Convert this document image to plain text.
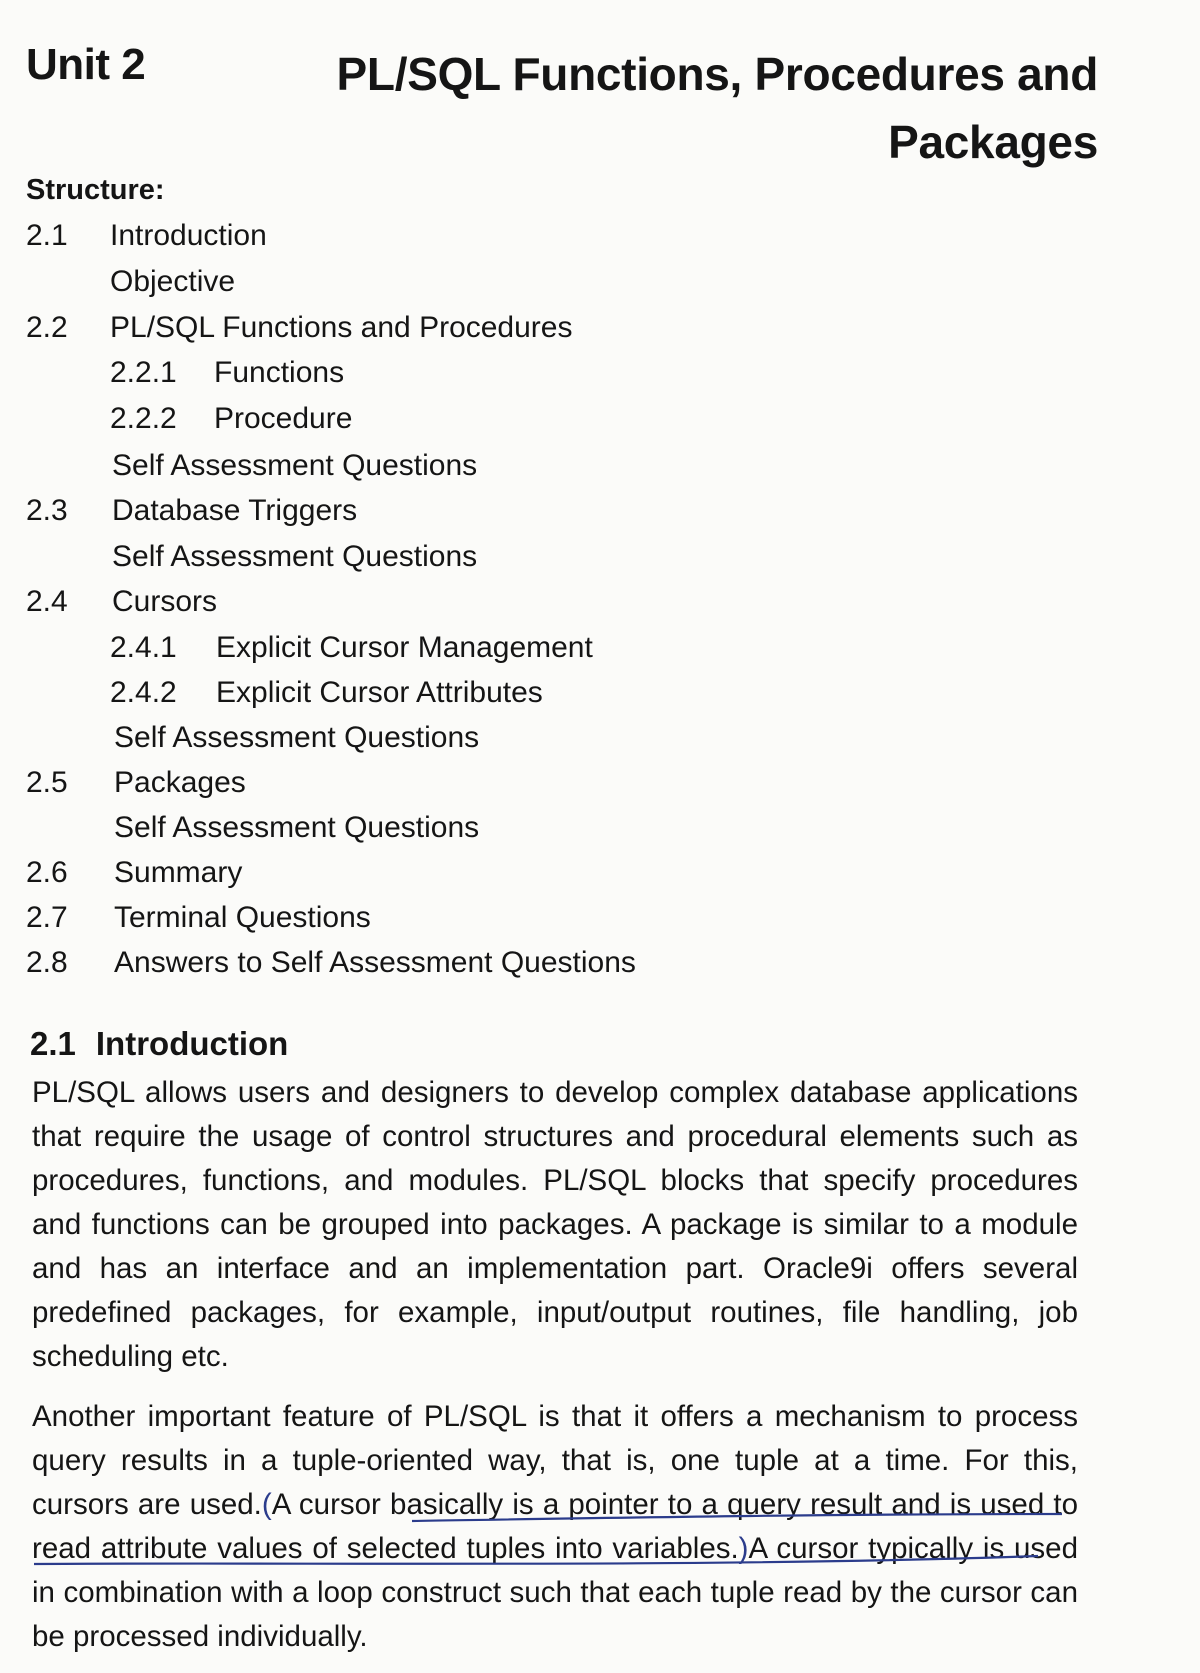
Unit 2	PL/SQL Functions, Procedures and Packages
Structure:
2.1 Introduction
Objective
2.2 PL/SQL Functions and Procedures
2.2.1 Functions
2.2.2 Procedure
Self Assessment Questions
2.3 Database Triggers
Self Assessment Questions
2.4 Cursors
2.4.1 Explicit Cursor Management
2.4.2 Explicit Cursor Attributes
Self Assessment Questions
2.5 Packages
Self Assessment Questions
2.6 Summary
2.7 Terminal Questions
2.8 Answers to Self Assessment Questions
2.1 Introduction
PL/SQL allows users and designers to develop complex database applications that require the usage of control structures and procedural elements such as procedures, functions, and modules. PL/SQL blocks that specify procedures and functions can be grouped into packages. A package is similar to a module and has an interface and an implementation part. Oracle9i offers several predefined packages, for example, input/output routines, file handling, job scheduling etc.
Another important feature of PL/SQL is that it offers a mechanism to process query results in a tuple-oriented way, that is, one tuple at a time. For this, cursors are used.(A cursor basically is a pointer to a query result and is used to read attribute values of selected tuples into variables.)A cursor typically is used in combination with a loop construct such that each tuple read by the cursor can be processed individually.
